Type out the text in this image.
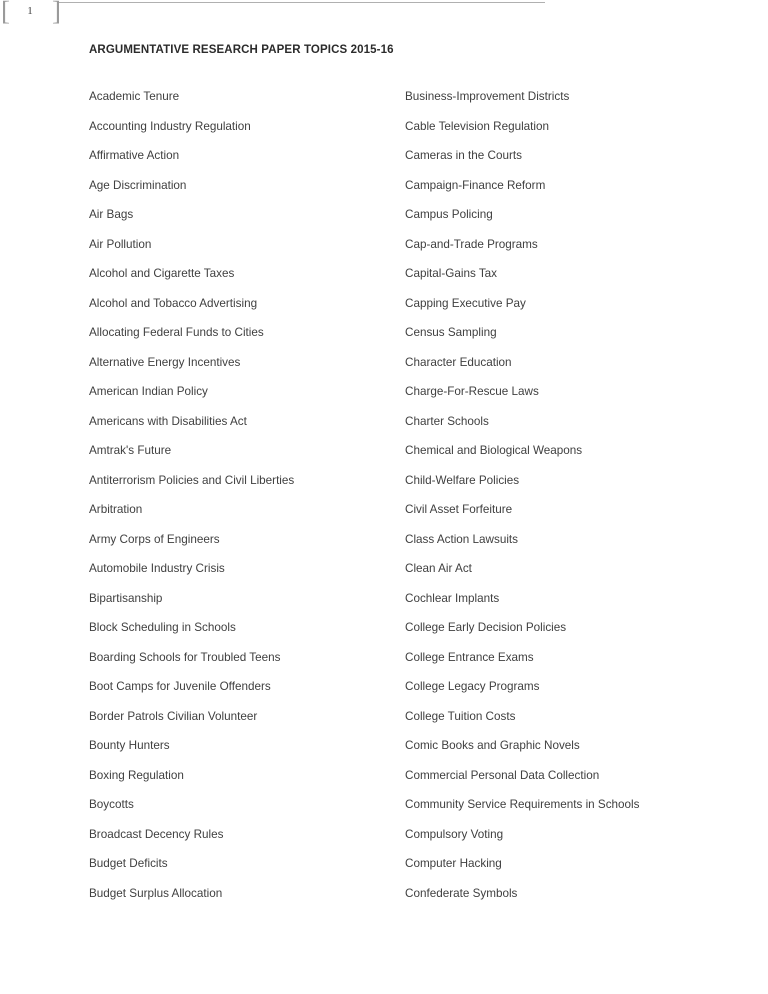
[	1 ]
ARGUMENTATIVE RESEARCH PAPER TOPICS 2015-16
Academic Tenure
Accounting Industry Regulation
Affirmative Action
Age Discrimination
Air Bags
Air Pollution
Alcohol and Cigarette Taxes
Alcohol and Tobacco Advertising
Allocating Federal Funds to Cities
Alternative Energy Incentives
American Indian Policy
Americans with Disabilities Act
Amtrak's Future
Antiterrorism Policies and Civil Liberties
Arbitration
Army Corps of Engineers
Automobile Industry Crisis
Bipartisanship
Block Scheduling in Schools
Boarding Schools for Troubled Teens
Boot Camps for Juvenile Offenders
Border Patrols Civilian Volunteer
Bounty Hunters
Boxing Regulation
Boycotts
Broadcast Decency Rules
Budget Deficits
Budget Surplus Allocation
Business-Improvement Districts
Cable Television Regulation
Cameras in the Courts
Campaign-Finance Reform
Campus Policing
Cap-and-Trade Programs
Capital-Gains Tax
Capping Executive Pay
Census Sampling
Character Education
Charge-For-Rescue Laws
Charter Schools
Chemical and Biological Weapons
Child-Welfare Policies
Civil Asset Forfeiture
Class Action Lawsuits
Clean Air Act
Cochlear Implants
College Early Decision Policies
College Entrance Exams
College Legacy Programs
College Tuition Costs
Comic Books and Graphic Novels
Commercial Personal Data Collection
Community Service Requirements in Schools
Compulsory Voting
Computer Hacking
Confederate Symbols
